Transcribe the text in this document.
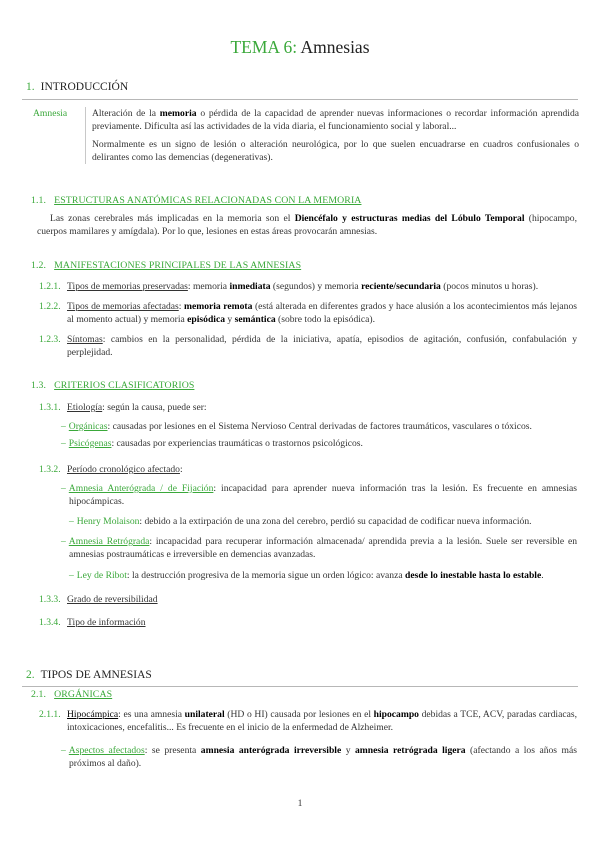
TEMA 6: Amnesias
1. INTRODUCCIÓN
Amnesia	Alteración de la memoria o pérdida de la capacidad de aprender nuevas informaciones o recordar información aprendida previamente. Dificulta así las actividades de la vida diaria, el funcionamiento social y laboral...
Normalmente es un signo de lesión o alteración neurológica, por lo que suelen encuadrarse en cuadros confusionales o delirantes como las demencias (degenerativas).
1.1. ESTRUCTURAS ANATÓMICAS RELACIONADAS CON LA MEMORIA
Las zonas cerebrales más implicadas en la memoria son el Diencéfalo y estructuras medias del Lóbulo Temporal (hipocampo, cuerpos mamilares y amígdala). Por lo que, lesiones en estas áreas provocarán amnesias.
1.2. MANIFESTACIONES PRINCIPALES DE LAS AMNESIAS
1.2.1. Tipos de memorias preservadas: memoria inmediata (segundos) y memoria reciente/secundaria (pocos minutos u horas).
1.2.2. Tipos de memorias afectadas: memoria remota (está alterada en diferentes grados y hace alusión a los acontecimientos más lejanos al momento actual) y memoria episódica y semántica (sobre todo la episódica).
1.2.3. Síntomas: cambios en la personalidad, pérdida de la iniciativa, apatía, episodios de agitación, confusión, confabulación y perplejidad.
1.3. CRITERIOS CLASIFICATORIOS
1.3.1. Etiología: según la causa, puede ser:
– Orgánicas: causadas por lesiones en el Sistema Nervioso Central derivadas de factores traumáticos, vasculares o tóxicos.
– Psicógenas: causadas por experiencias traumáticas o trastornos psicológicos.
1.3.2. Período cronológico afectado:
– Amnesia Anterógrada / de Fijación: incapacidad para aprender nueva información tras la lesión. Es frecuente en amnesias hipocámpicas.
– Henry Molaison: debido a la extirpación de una zona del cerebro, perdió su capacidad de codificar nueva información.
– Amnesia Retrógrada: incapacidad para recuperar información almacenada/ aprendida previa a la lesión. Suele ser reversible en amnesias postraumáticas e irreversible en demencias avanzadas.
– Ley de Ribot: la destrucción progresiva de la memoria sigue un orden lógico: avanza desde lo inestable hasta lo estable.
1.3.3. Grado de reversibilidad
1.3.4. Tipo de información
2. TIPOS DE AMNESIAS
2.1. ORGÁNICAS
2.1.1. Hipocámpica: es una amnesia unilateral (HD o HI) causada por lesiones en el hipocampo debidas a TCE, ACV, paradas cardiacas, intoxicaciones, encefalitis... Es frecuente en el inicio de la enfermedad de Alzheimer.
– Aspectos afectados: se presenta amnesia anterógrada irreversible y amnesia retrógrada ligera (afectando a los años más próximos al daño).
1
